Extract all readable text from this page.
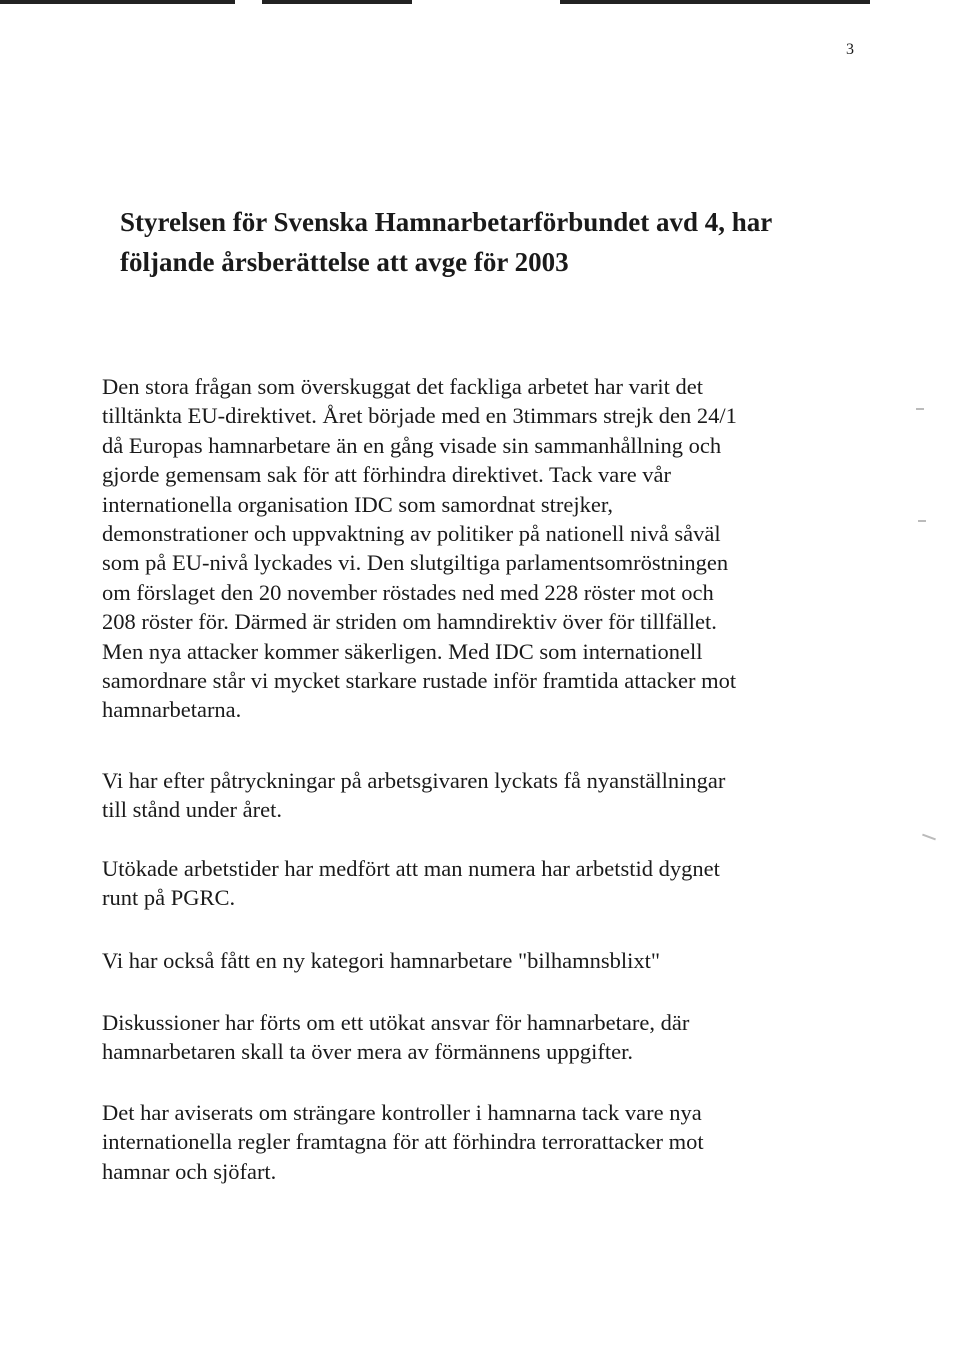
3
Styrelsen för Svenska Hamnarbetarförbundet avd 4, har
följande årsberättelse att avge för 2003

Den stora frågan som överskuggat det fackliga arbetet har varit det
tilltänkta EU-direktivet. Året började med en 3timmars strejk den 24/1
då Europas hamnarbetare än en gång visade sin sammanhållning och
gjorde gemensam sak för att förhindra direktivet. Tack vare vår
internationella organisation IDC som samordnat strejker,
demonstrationer och uppvaktning av politiker på nationell nivå såväl
som på EU-nivå lyckades vi. Den slutgiltiga parlamentsomröstningen
om förslaget den 20 november röstades ned med 228 röster mot och
208 röster för. Därmed är striden om hamndirektiv över för tillfället.
Men nya attacker kommer säkerligen. Med IDC som internationell
samordnare står vi mycket starkare rustade inför framtida attacker mot
hamnarbetarna.

Vi har efter påtryckningar på arbetsgivaren lyckats få nyanställningar
till stånd under året.

Utökade arbetstider har medfört att man numera har arbetstid dygnet
runt på PGRC.

Vi har också fått en ny kategori hamnarbetare "bilhamnsblixt"

Diskussioner har förts om ett utökat ansvar för hamnarbetare, där
hamnarbetaren skall ta över mera av förmännens uppgifter.

Det har aviserats om strängare kontroller i hamnarna tack vare nya
internationella regler framtagna för att förhindra terrorattacker mot
hamnar och sjöfart.
